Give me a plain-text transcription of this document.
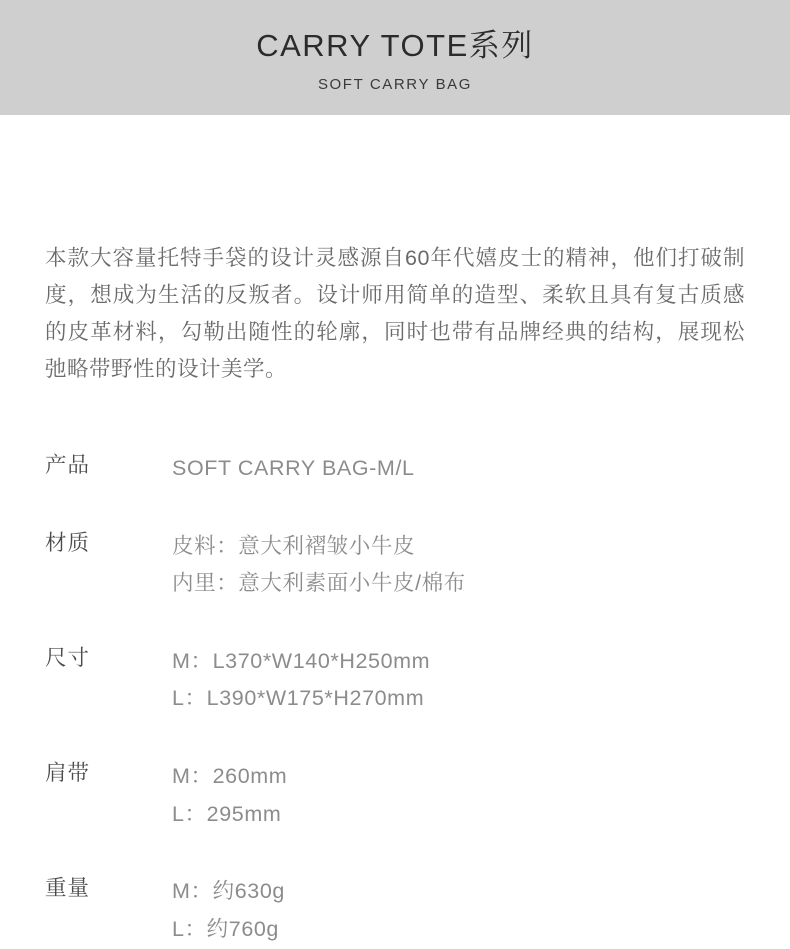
CARRY TOTE系列
SOFT CARRY BAG
本款大容量托特手袋的设计灵感源自60年代嬉皮士的精神，他们打破制度，想成为生活的反叛者。设计师用简单的造型、柔软且具有复古质感的皮革材料，勾勒出随性的轮廓，同时也带有品牌经典的结构，展现松弛略带野性的设计美学。
产品	SOFT CARRY BAG-M/L
材质	皮料：意大利褶皱小牛皮
内里：意大利素面小牛皮/棉布
尺寸	M：L370*W140*H250mm
L：L390*W175*H270mm
肩带	M：260mm
L：295mm
重量	M：约630g
L：约760g
